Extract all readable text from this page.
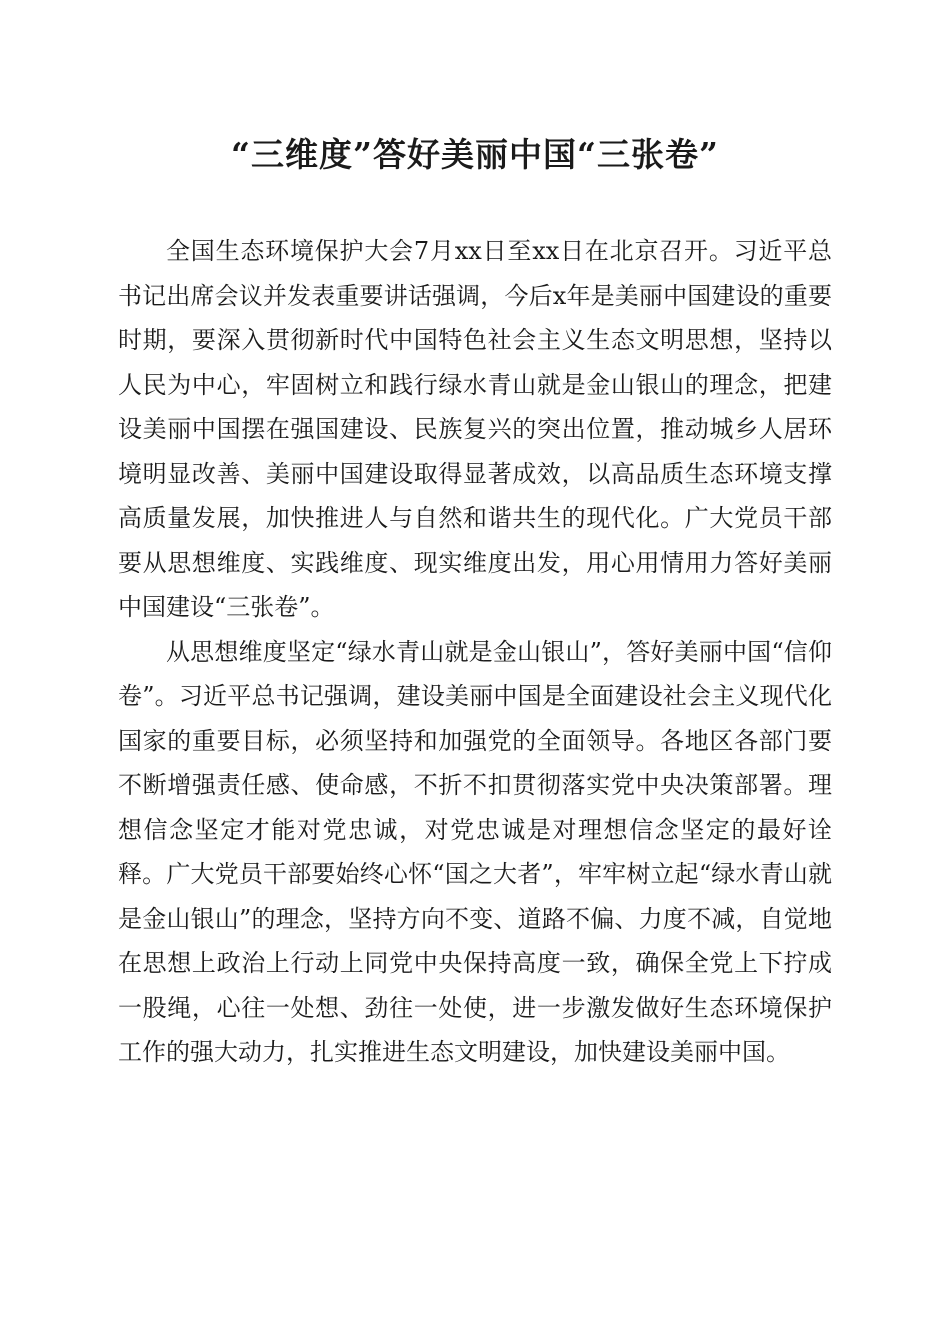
“三维度”答好美丽中国“三张卷”

全国生态环境保护大会7月xx日至xx日在北京召开。习近平总书记出席会议并发表重要讲话强调，今后x年是美丽中国建设的重要时期，要深入贯彻新时代中国特色社会主义生态文明思想，坚持以人民为中心，牢固树立和践行绿水青山就是金山银山的理念，把建设美丽中国摆在强国建设、民族复兴的突出位置，推动城乡人居环境明显改善、美丽中国建设取得显著成效，以高品质生态环境支撑高质量发展，加快推进人与自然和谐共生的现代化。广大党员干部要从思想维度、实践维度、现实维度出发，用心用情用力答好美丽中国建设“三张卷”。

从思想维度坚定“绿水青山就是金山银山”，答好美丽中国“信仰卷”。习近平总书记强调，建设美丽中国是全面建设社会主义现代化国家的重要目标，必须坚持和加强党的全面领导。各地区各部门要不断增强责任感、使命感，不折不扣贯彻落实党中央决策部署。理想信念坚定才能对党忠诚，对党忠诚是对理想信念坚定的最好诠释。广大党员干部要始终心怀“国之大者”，牢牢树立起“绿水青山就是金山银山”的理念，坚持方向不变、道路不偏、力度不减，自觉地在思想上政治上行动上同党中央保持高度一致，确保全党上下拧成一股绳，心往一处想、劲往一处使，进一步激发做好生态环境保护工作的强大动力，扎实推进生态文明建设，加快建设美丽中国。
